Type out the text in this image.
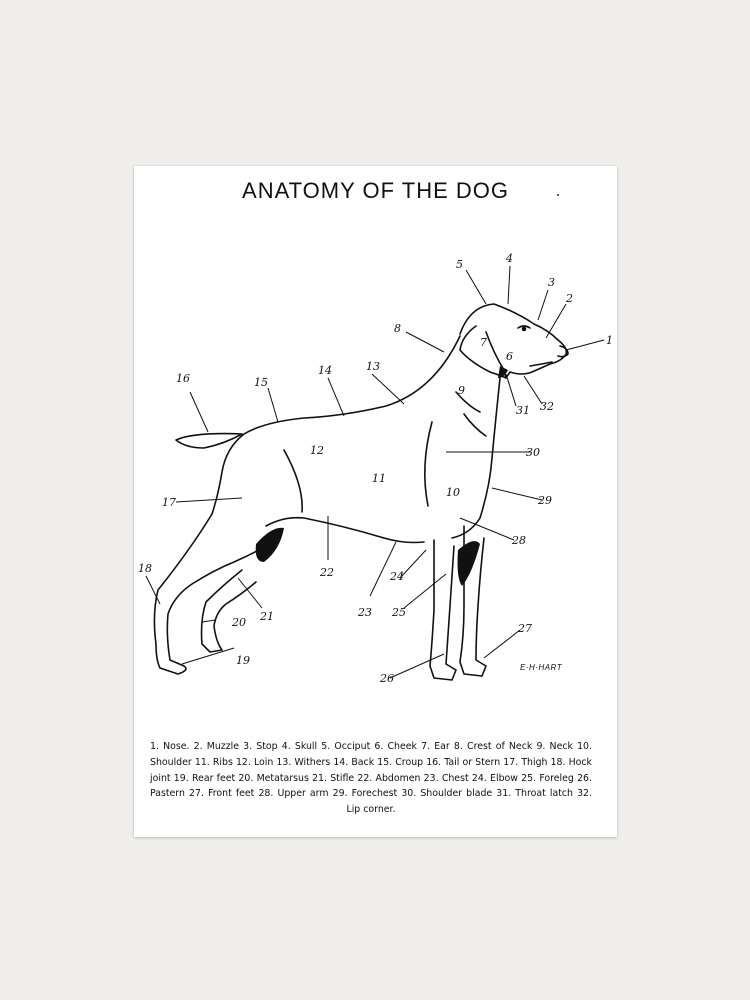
ANATOMY OF THE DOG
1
2
3
4
5
6
7
8
9
10
11
12
13
14
15
16
17
18
19
20 21
22
23
24
25
26
27
28
29
30
31 32
E·H·HART
1. Nose. 2. Muzzle 3. Stop 4. Skull 5. Occiput 6. Cheek 7. Ear 8. Crest of Neck 9. Neck 10. Shoulder 11. Ribs 12. Loin 13. Withers 14. Back 15. Croup 16. Tail or Stern 17. Thigh 18. Hock joint 19. Rear feet 20. Metatarsus 21. Stifle 22. Abdomen 23. Chest 24. Elbow 25. Foreleg 26. Pastern 27. Front feet 28. Upper arm 29. Forechest 30. Shoulder blade 31. Throat latch 32. Lip corner.
